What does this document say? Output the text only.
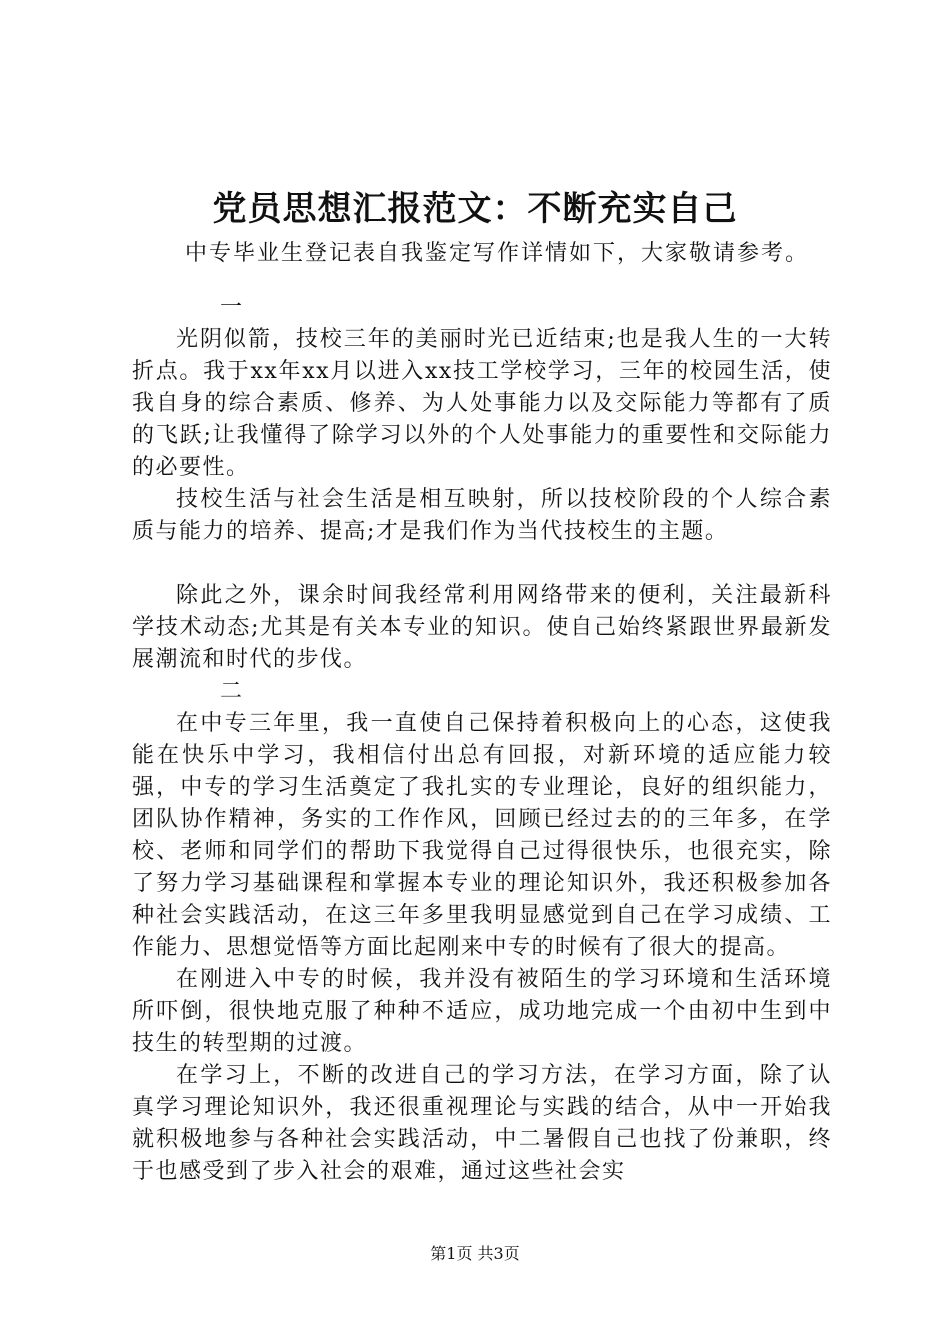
党员思想汇报范文：不断充实自己
中专毕业生登记表自我鉴定写作详情如下，大家敬请参考。

一

光阴似箭，技校三年的美丽时光已近结束;也是我人生的一大转折点。我于xx年xx月以进入xx技工学校学习，三年的校园生活，使我自身的综合素质、修养、为人处事能力以及交际能力等都有了质的飞跃;让我懂得了除学习以外的个人处事能力的重要性和交际能力的必要性。

技校生活与社会生活是相互映射，所以技校阶段的个人综合素质与能力的培养、提高;才是我们作为当代技校生的主题。

除此之外，课余时间我经常利用网络带来的便利，关注最新科学技术动态;尤其是有关本专业的知识。使自己始终紧跟世界最新发展潮流和时代的步伐。

二

在中专三年里，我一直使自己保持着积极向上的心态，这使我能在快乐中学习，我相信付出总有回报，对新环境的适应能力较强，中专的学习生活奠定了我扎实的专业理论，良好的组织能力，团队协作精神，务实的工作作风，回顾已经过去的的三年多，在学校、老师和同学们的帮助下我觉得自己过得很快乐，也很充实，除了努力学习基础课程和掌握本专业的理论知识外，我还积极参加各种社会实践活动，在这三年多里我明显感觉到自己在学习成绩、工作能力、思想觉悟等方面比起刚来中专的时候有了很大的提高。

在刚进入中专的时候，我并没有被陌生的学习环境和生活环境所吓倒，很快地克服了种种不适应，成功地完成一个由初中生到中技生的转型期的过渡。

在学习上，不断的改进自己的学习方法，在学习方面，除了认真学习理论知识外，我还很重视理论与实践的结合，从中一开始我就积极地参与各种社会实践活动，中二暑假自己也找了份兼职，终于也感受到了步入社会的艰难，通过这些社会实

第1页 共3页
